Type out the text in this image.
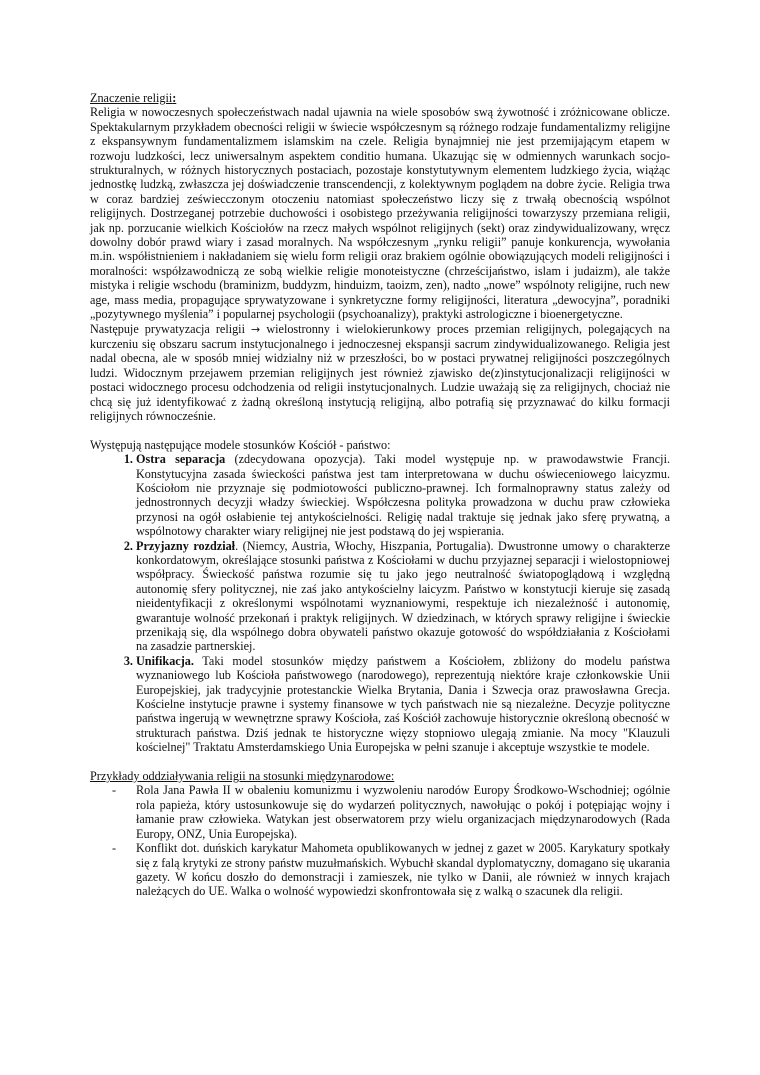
Znaczenie religii:

Religia w nowoczesnych społeczeństwach nadal ujawnia na wiele sposobów swą żywotność i zróżnicowane oblicze. Spektakularnym przykładem obecności religii w świecie współczesnym są różnego rodzaje fundamentalizmy religijne z ekspansywnym fundamentalizmem islamskim na czele. Religia bynajmniej nie jest przemijającym etapem w rozwoju ludzkości, lecz uniwersalnym aspektem conditio humana. Ukazując się w odmiennych warunkach socjo-strukturalnych, w różnych historycznych postaciach, pozostaje konstytutywnym elementem ludzkiego życia, wiążąc jednostkę ludzką, zwłaszcza jej doświadczenie transcendencji, z kolektywnym poglądem na dobre życie. Religia trwa w coraz bardziej zeświecczonym otoczeniu natomiast społeczeństwo liczy się z trwałą obecnością wspólnot religijnych. Dostrzeganej potrzebie duchowości i osobistego przeżywania religijności towarzyszy przemiana religii, jak np. porzucanie wielkich Kościołów na rzecz małych wspólnot religijnych (sekt) oraz zindywidualizowany, wręcz dowolny dobór prawd wiary i zasad moralnych. Na współczesnym „rynku religii” panuje konkurencja, wywołania m.in. współistnieniem i nakładaniem się wielu form religii oraz brakiem ogólnie obowiązujących modeli religijności i moralności: współzawodniczą ze sobą wielkie religie monoteistyczne (chrześcijaństwo, islam i judaizm), ale także mistyka i religie wschodu (braminizm, buddyzm, hinduizm, taoizm, zen), nadto „nowe” wspólnoty religijne, ruch new age, mass media, propagujące sprywatyzowane i synkretyczne formy religijności, literatura „dewocyjna”, poradniki „pozytywnego myślenia” i popularnej psychologii (psychoanalizy), praktyki astrologiczne i bioenergetyczne.

Następuje prywatyzacja religii → wielostronny i wielokierunkowy proces przemian religijnych, polegających na kurczeniu się obszaru sacrum instytucjonalnego i jednoczesnej ekspansji sacrum zindywidualizowanego. Religia jest nadal obecna, ale w sposób mniej widzialny niż w przeszłości, bo w postaci prywatnej religijności poszczególnych ludzi. Widocznym przejawem przemian religijnych jest również zjawisko de(z)instytucjonalizacji religijności w postaci widocznego procesu odchodzenia od religii instytucjonalnych. Ludzie uważają się za religijnych, chociaż nie chcą się już identyfikować z żadną określoną instytucją religijną, albo potrafią się przyznawać do kilku formacji religijnych równocześnie.

Występują następujące modele stosunków Kościół - państwo:

1. Ostra separacja (zdecydowana opozycja). Taki model występuje np. w prawodawstwie Francji. Konstytucyjna zasada świeckości państwa jest tam interpretowana w duchu oświeceniowego laicyzmu. Kościołom nie przyznaje się podmiotowości publiczno-prawnej. Ich formalnoprawny status zależy od jednostronnych decyzji władzy świeckiej. Współczesna polityka prowadzona w duchu praw człowieka przynosi na ogół osłabienie tej antykościelności. Religię nadal traktuje się jednak jako sferę prywatną, a wspólnotowy charakter wiary religijnej nie jest podstawą do jej wspierania.
2. Przyjazny rozdział. (Niemcy, Austria, Włochy, Hiszpania, Portugalia). Dwustronne umowy o charakterze konkordatowym, określające stosunki państwa z Kościołami w duchu przyjaznej separacji i wielostopniowej współpracy. Świeckość państwa rozumie się tu jako jego neutralność światopoglądową i względną autonomię sfery politycznej, nie zaś jako antykościelny laicyzm. Państwo w konstytucji kieruje się zasadą nieidentyfikacji z określonymi wspólnotami wyznaniowymi, respektuje ich niezależność i autonomię, gwarantuje wolność przekonań i praktyk religijnych. W dziedzinach, w których sprawy religijne i świeckie przenikają się, dla wspólnego dobra obywateli państwo okazuje gotowość do współdziałania z Kościołami na zasadzie partnerskiej.
3. Unifikacja. Taki model stosunków między państwem a Kościołem, zbliżony do modelu państwa wyznaniowego lub Kościoła państwowego (narodowego), reprezentują niektóre kraje członkowskie Unii Europejskiej, jak tradycyjnie protestanckie Wielka Brytania, Dania i Szwecja oraz prawosławna Grecja. Kościelne instytucje prawne i systemy finansowe w tych państwach nie są niezależne. Decyzje polityczne państwa ingerują w wewnętrzne sprawy Kościoła, zaś Kościół zachowuje historycznie określoną obecność w strukturach państwa. Dziś jednak te historyczne więzy stopniowo ulegają zmianie. Na mocy "Klauzuli kościelnej" Traktatu Amsterdamskiego Unia Europejska w pełni szanuje i akceptuje wszystkie te modele.

Przykłady oddziaływania religii na stosunki międzynarodowe:

- Rola Jana Pawła II w obaleniu komunizmu i wyzwoleniu narodów Europy Środkowo-Wschodniej; ogólnie rola papieża, który ustosunkowuje się do wydarzeń politycznych, nawołując o pokój i potępiając wojny i łamanie praw człowieka. Watykan jest obserwatorem przy wielu organizacjach międzynarodowych (Rada Europy, ONZ, Unia Europejska).
- Konflikt dot. duńskich karykatur Mahometa opublikowanych w jednej z gazet w 2005. Karykatury spotkały się z falą krytyki ze strony państw muzułmańskich. Wybuchł skandal dyplomatyczny, domagano się ukarania gazety. W końcu doszło do demonstracji i zamieszek, nie tylko w Danii, ale również w innych krajach należących do UE. Walka o wolność wypowiedzi skonfrontowała się z walką o szacunek dla religii.
